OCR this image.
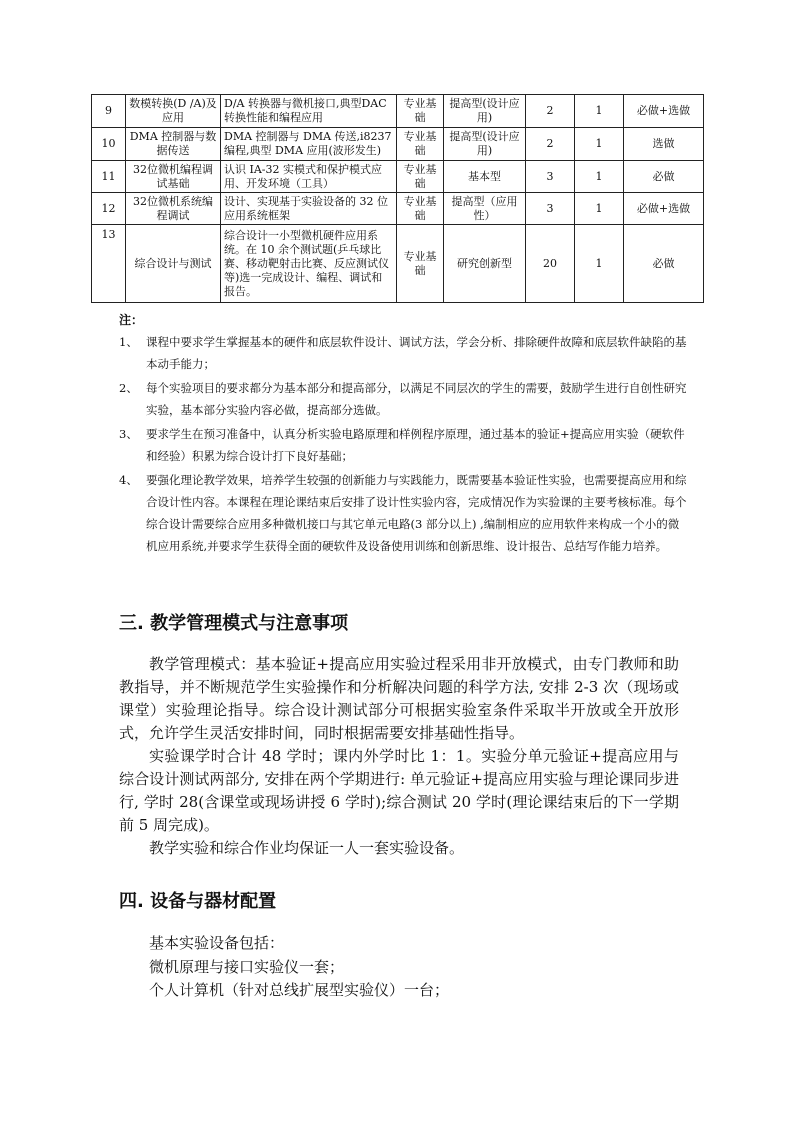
9	数模转换(D /A)及应用	D/A 转换器与微机接口,典型DAC转换性能和编程应用	专业基础	提高型(设计应用)	2	1	必做+选做
10	DMA 控制器与数据传送	DMA 控制器与 DMA 传送,i8237编程,典型 DMA 应用(波形发生)	专业基础	提高型(设计应用)	2	1	选做
11	32位微机编程调试基础	认识 IA-32 实模式和保护模式应用、开发环境（工具）	专业基础	基本型	3	1	必做
12	32位微机系统编程调试	设计、实现基于实验设备的 32 位应用系统框架	专业基础	提高型（应用性）	3	1	必做+选做
13	综合设计与测试	综合设计一小型微机硬件应用系统。在 10 余个测试题(乒乓球比赛、移动靶射击比赛、反应测试仪等)选一完成设计、编程、调试和报告。	专业基础	研究创新型	20	1	必做
注：
1、 课程中要求学生掌握基本的硬件和底层软件设计、调试方法，学会分析、排除硬件故障和底层软件缺陷的基本动手能力；
2、 每个实验项目的要求都分为基本部分和提高部分，以满足不同层次的学生的需要，鼓励学生进行自创性研究实验，基本部分实验内容必做，提高部分选做。
3、 要求学生在预习准备中，认真分析实验电路原理和样例程序原理，通过基本的验证+提高应用实验（硬软件和经验）积累为综合设计打下良好基础；
4、 要强化理论教学效果，培养学生较强的创新能力与实践能力，既需要基本验证性实验，也需要提高应用和综合设计性内容。本课程在理论课结束后安排了设计性实验内容，完成情况作为实验课的主要考核标准。每个综合设计需要综合应用多种微机接口与其它单元电路(3 部分以上) ,编制相应的应用软件来构成一个小的微机应用系统,并要求学生获得全面的硬软件及设备使用训练和创新思维、设计报告、总结写作能力培养。
三. 教学管理模式与注意事项

教学管理模式：基本验证+提高应用实验过程采用非开放模式，由专门教师和助教指导，并不断规范学生实验操作和分析解决问题的科学方法, 安排 2-3 次（现场或课堂）实验理论指导。综合设计测试部分可根据实验室条件采取半开放或全开放形式，允许学生灵活安排时间，同时根据需要安排基础性指导。

实验课学时合计 48 学时；课内外学时比 1：1。实验分单元验证+提高应用与综合设计测试两部分, 安排在两个学期进行: 单元验证+提高应用实验与理论课同步进行, 学时 28(含课堂或现场讲授 6 学时);综合测试 20 学时(理论课结束后的下一学期前 5 周完成)。

教学实验和综合作业均保证一人一套实验设备。

四. 设备与器材配置
基本实验设备包括：
微机原理与接口实验仪一套；
个人计算机（针对总线扩展型实验仪）一台；
